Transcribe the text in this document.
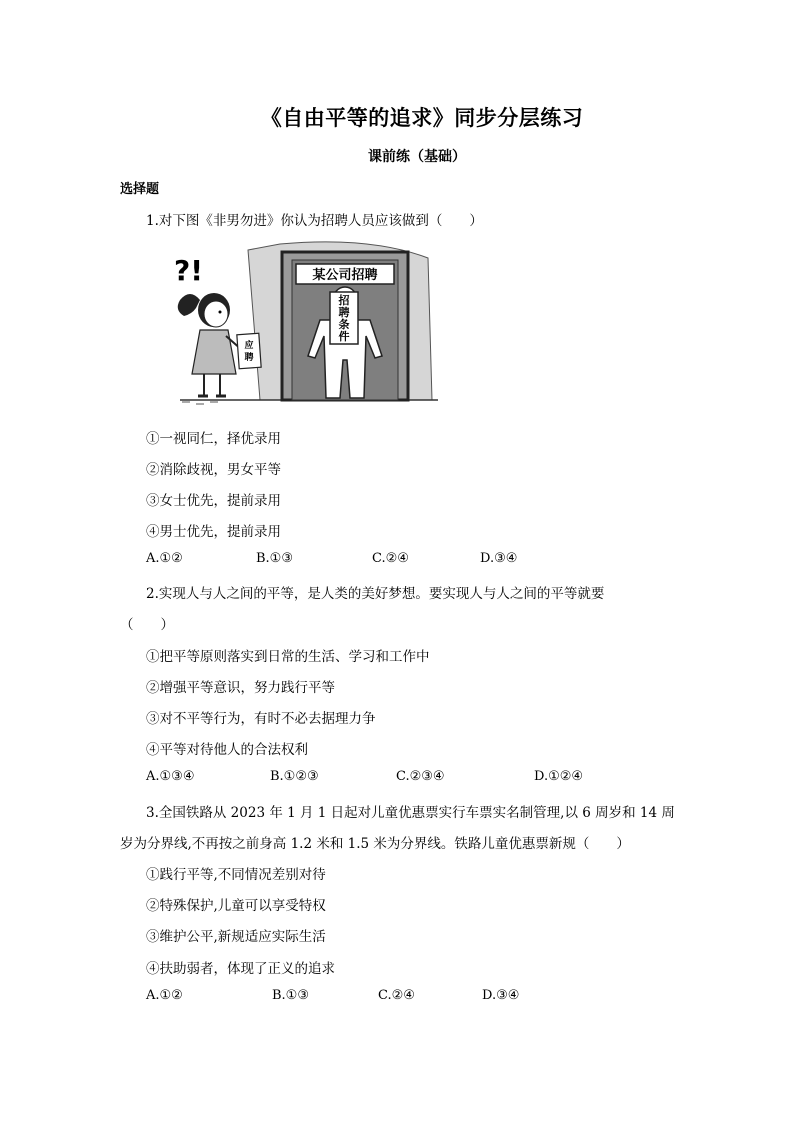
《自由平等的追求》同步分层练习
课前练（基础）
选择题
1.对下图《非男勿进》你认为招聘人员应该做到（　　）
某公司招聘
招
聘
条
件
?!
应
聘
①一视同仁，择优录用
②消除歧视，男女平等
③女士优先，提前录用
④男士优先，提前录用
A.①②	B.①③	C.②④	D.③④
2.实现人与人之间的平等，是人类的美好梦想。要实现人与人之间的平等就要
（　　）
①把平等原则落实到日常的生活、学习和工作中
②增强平等意识，努力践行平等
③对不平等行为，有时不必去据理力争
④平等对待他人的合法权利
A.①③④	B.①②③	C.②③④	D.①②④
3.全国铁路从 2023 年 1 月 1 日起对儿童优惠票实行车票实名制管理,以 6 周岁和 14 周
岁为分界线,不再按之前身高 1.2 米和 1.5 米为分界线。铁路儿童优惠票新规（　　）
①践行平等,不同情况差别对待
②特殊保护,儿童可以享受特权
③维护公平,新规适应实际生活
④扶助弱者，体现了正义的追求
A.①②	B.①③	C.②④	D.③④
